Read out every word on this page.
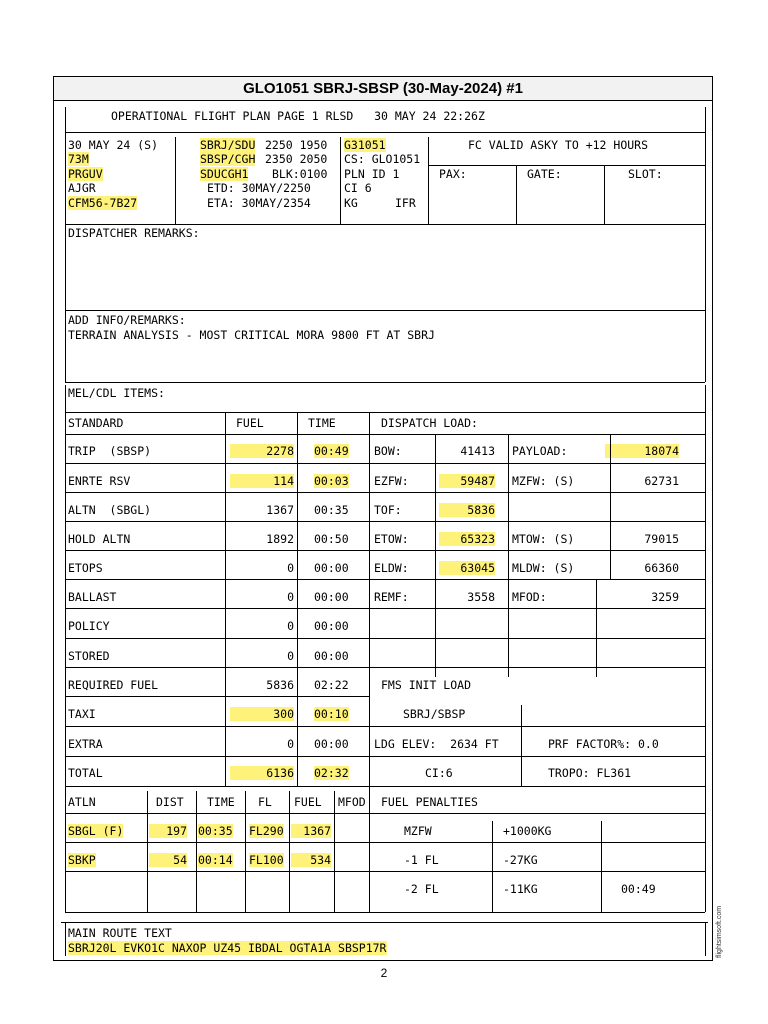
GLO1051 SBRJ-SBSP (30-May-2024) #1
OPERATIONAL FLIGHT PLAN PAGE 1 RLSD   30 MAY 24 22:26Z
30 MAY 24 (S)
73M
PRGUV
AJGR
CFM56-7B27
SBRJ/SDU 2250 1950
SBSP/CGH 2350 2050
SDUCGH1 BLK:0100
ETD: 30MAY/2250
ETA: 30MAY/2354
G31051
CS: GLO1051
PLN ID 1
CI 6
KG	IFR
FC VALID ASKY TO +12 HOURS
PAX:	GATE:	SLOT:
DISPATCHER REMARKS:
ADD INFO/REMARKS:
TERRAIN ANALYSIS - MOST CRITICAL MORA 9800 FT AT SBRJ
MEL/CDL ITEMS:
STANDARD	FUEL	TIME	DISPATCH LOAD:
TRIP  (SBSP)	2278 00:49
ENRTE RSV	114 00:03
ALTN  (SBGL)	1367 00:35
HOLD ALTN	1892 00:50
ETOPS	0 00:00
BALLAST	0 00:00
POLICY	0 00:00
STORED	0 00:00
REQUIRED FUEL	5836 02:22
TAXI	300 00:10
EXTRA	0 00:00
TOTAL	6136 02:32
BOW:	41413 PAYLOAD:	18074
EZFW:	59487 MZFW: (S)	62731
TOF:	5836
ETOW:	65323 MTOW: (S)	79015
ELDW:	63045 MLDW: (S)	66360
REMF:	3558 MFOD:	3259
FMS INIT LOAD
SBRJ/SBSP
LDG ELEV:  2634 FT	PRF FACTOR%: 0.0
CI:6	TROPO: FL361
ATLN	DIST TIME FL FUEL MFOD FUEL PENALTIES
SBGL (F)	197 00:35 FL290	1367
SBKP	54 00:14 FL100	534
MZFW	+1000KG
-1 FL	-27KG
-2 FL	-11KG	00:49
MAIN ROUTE TEXT
SBRJ20L EVKO1C NAXOP UZ45 IBDAL OGTA1A SBSP17R
2
flightsimsoft.com
